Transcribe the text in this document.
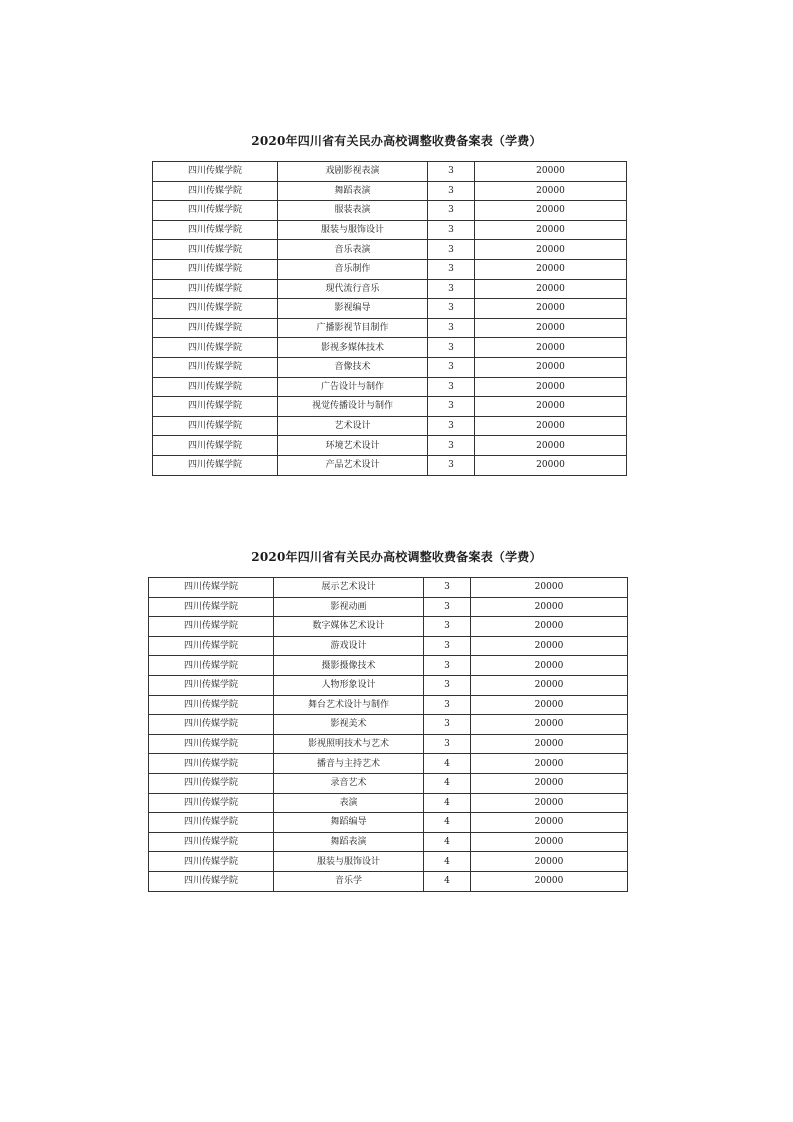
2020年四川省有关民办高校调整收费备案表（学费）
四川传媒学院	戏剧影视表演	3	20000
四川传媒学院	舞蹈表演	3	20000
四川传媒学院	服装表演	3	20000
四川传媒学院	服装与服饰设计	3	20000
四川传媒学院	音乐表演	3	20000
四川传媒学院	音乐制作	3	20000
四川传媒学院	现代流行音乐	3	20000
四川传媒学院	影视编导	3	20000
四川传媒学院	广播影视节目制作	3	20000
四川传媒学院	影视多媒体技术	3	20000
四川传媒学院	音像技术	3	20000
四川传媒学院	广告设计与制作	3	20000
四川传媒学院	视觉传播设计与制作	3	20000
四川传媒学院	艺术设计	3	20000
四川传媒学院	环境艺术设计	3	20000
四川传媒学院	产品艺术设计	3	20000
2020年四川省有关民办高校调整收费备案表（学费）
四川传媒学院	展示艺术设计	3	20000
四川传媒学院	影视动画	3	20000
四川传媒学院	数字媒体艺术设计	3	20000
四川传媒学院	游戏设计	3	20000
四川传媒学院	摄影摄像技术	3	20000
四川传媒学院	人物形象设计	3	20000
四川传媒学院	舞台艺术设计与制作	3	20000
四川传媒学院	影视美术	3	20000
四川传媒学院	影视照明技术与艺术	3	20000
四川传媒学院	播音与主持艺术	4	20000
四川传媒学院	录音艺术	4	20000
四川传媒学院	表演	4	20000
四川传媒学院	舞蹈编导	4	20000
四川传媒学院	舞蹈表演	4	20000
四川传媒学院	服装与服饰设计	4	20000
四川传媒学院	音乐学	4	20000
